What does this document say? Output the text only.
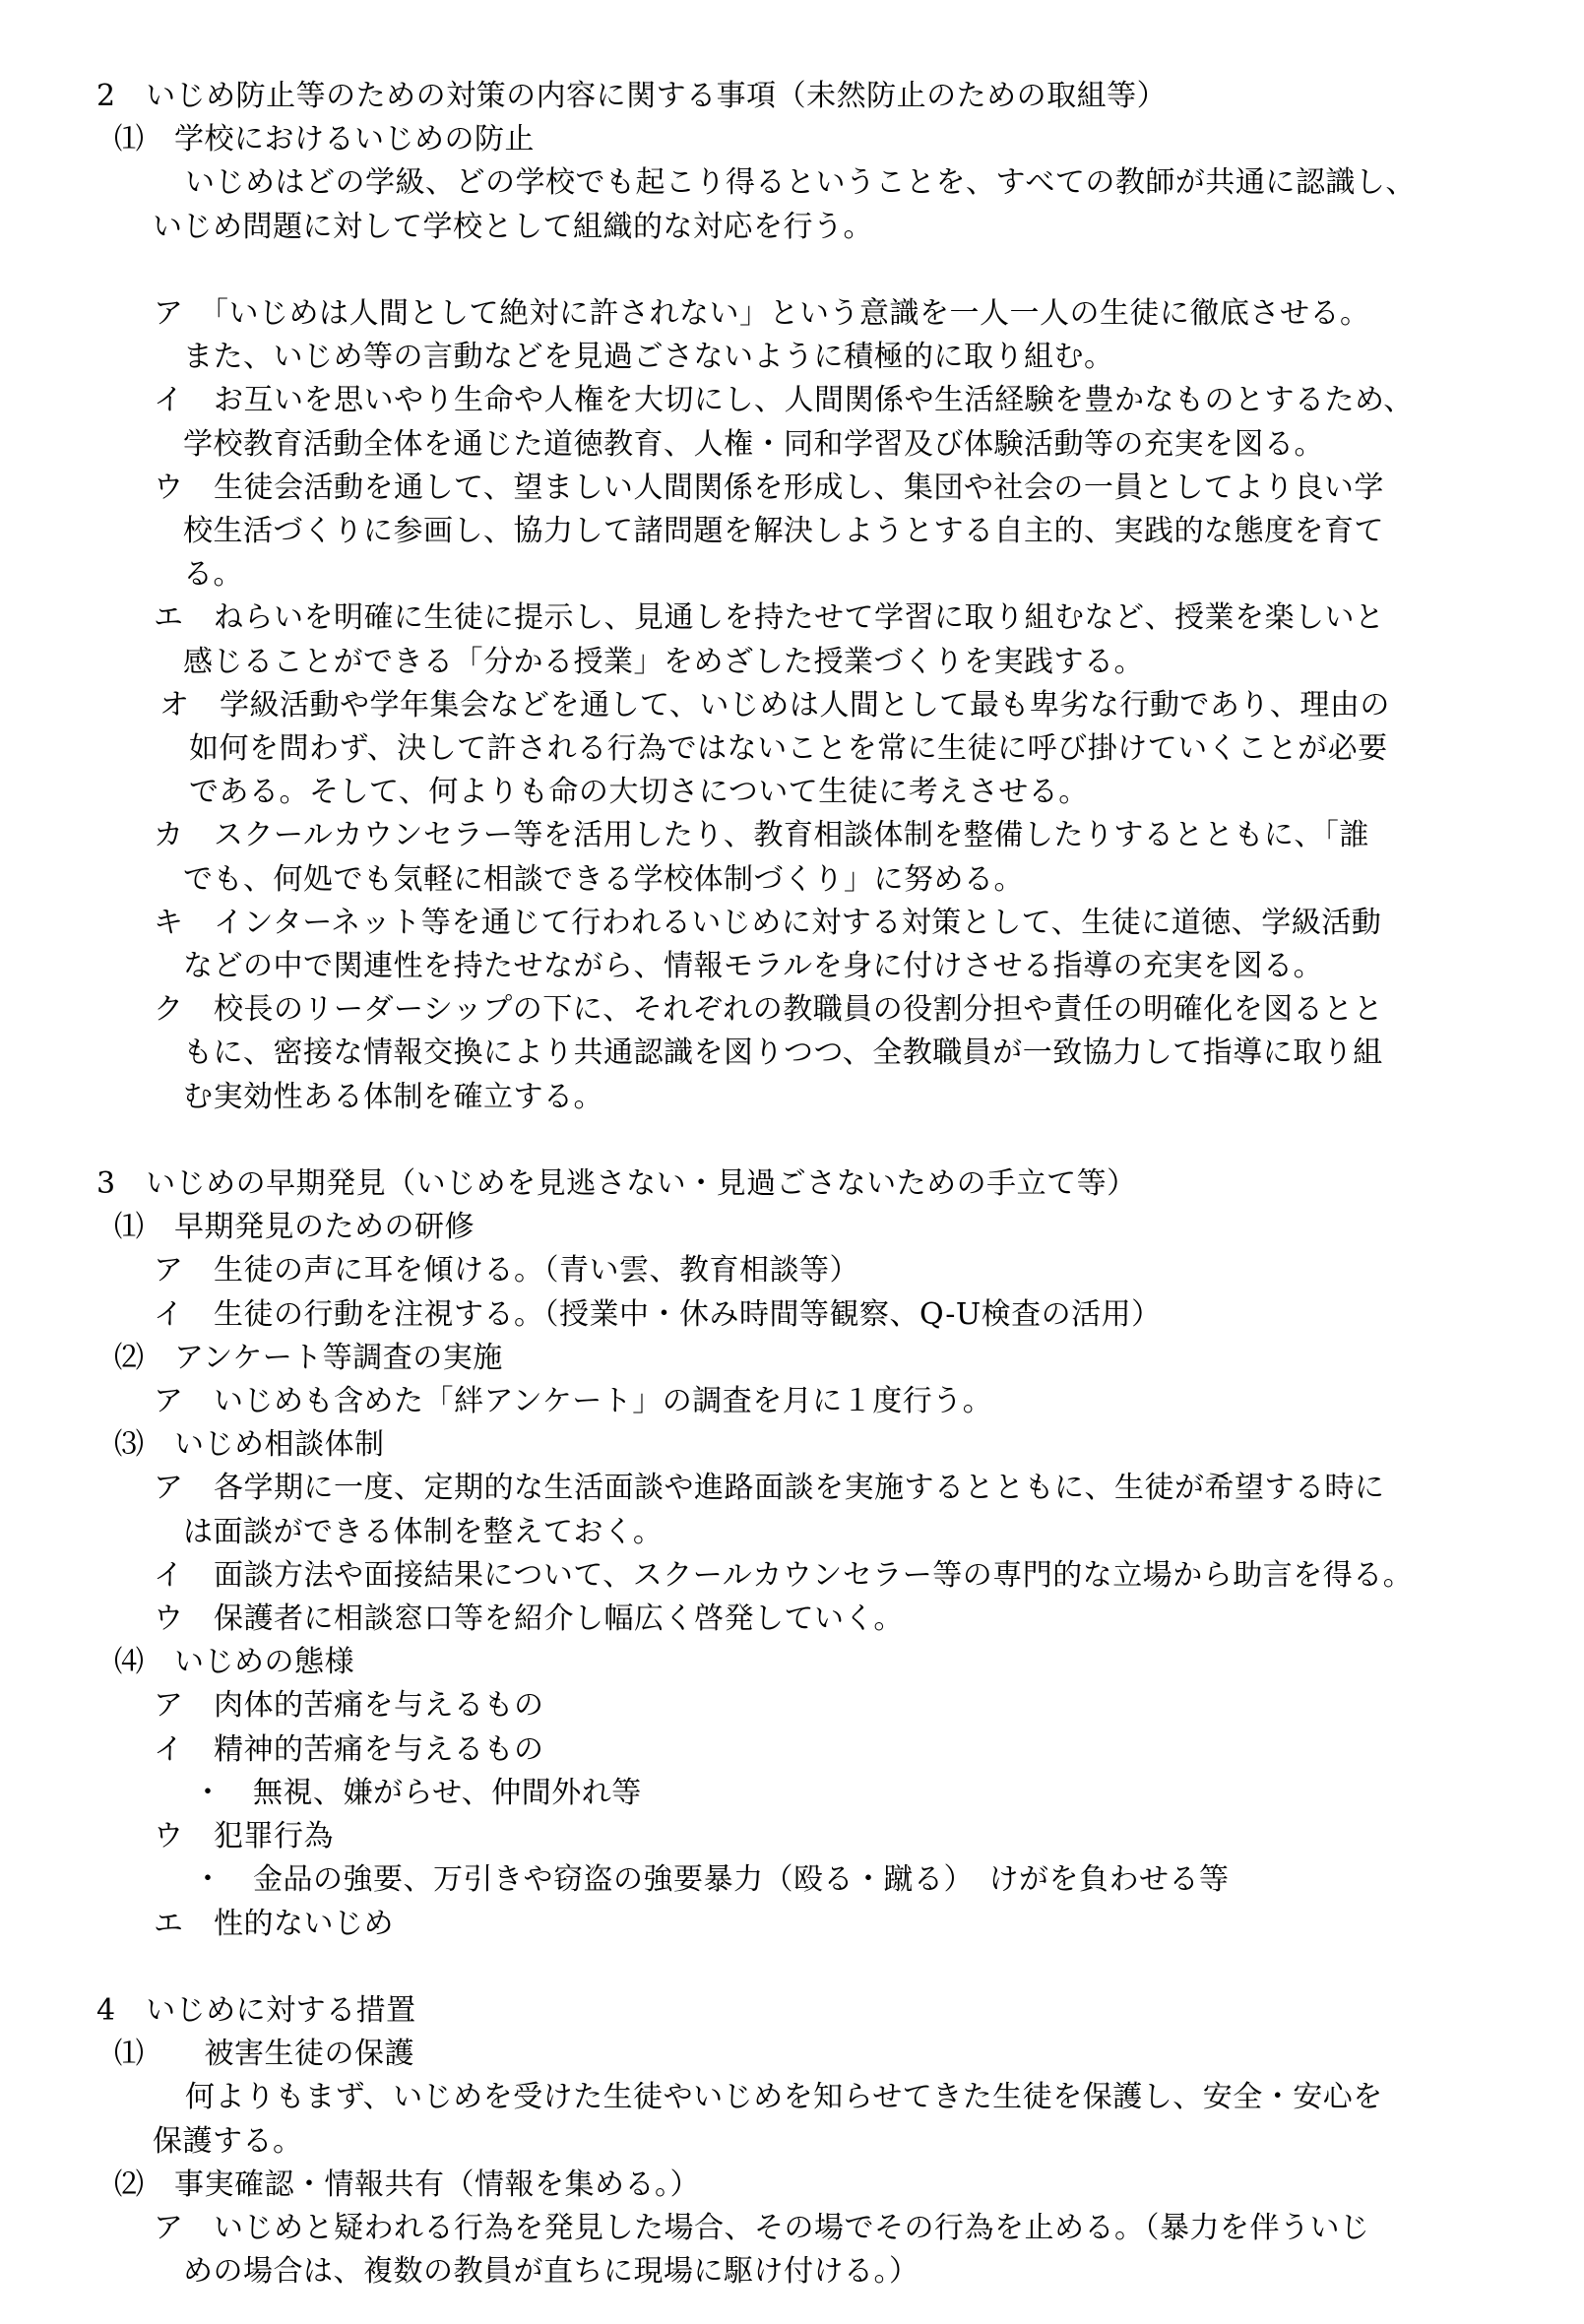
2　いじめ防止等のための対策の内容に関する事項（未然防止のための取組等）
⑴　学校におけるいじめの防止
いじめはどの学級、どの学校でも起こり得るということを、すべての教師が共通に認識し、
いじめ問題に対して学校として組織的な対応を行う。
ア　「いじめは人間として絶対に許されない」という意識を一人一人の生徒に徹底させる。
また、いじめ等の言動などを見過ごさないように積極的に取り組む。
イ　お互いを思いやり生命や人権を大切にし、人間関係や生活経験を豊かなものとするため、
学校教育活動全体を通じた道徳教育、人権・同和学習及び体験活動等の充実を図る。
ウ　生徒会活動を通して、望ましい人間関係を形成し、集団や社会の一員としてより良い学
校生活づくりに参画し、協力して諸問題を解決しようとする自主的、実践的な態度を育て
る。
エ　ねらいを明確に生徒に提示し、見通しを持たせて学習に取り組むなど、授業を楽しいと
感じることができる「分かる授業」をめざした授業づくりを実践する。
オ　学級活動や学年集会などを通して、いじめは人間として最も卑劣な行動であり、理由の
如何を問わず、決して許される行為ではないことを常に生徒に呼び掛けていくことが必要
である。そして、何よりも命の大切さについて生徒に考えさせる。
カ　スクールカウンセラー等を活用したり、教育相談体制を整備したりするとともに、「誰
でも、何処でも気軽に相談できる学校体制づくり」に努める。
キ　インターネット等を通じて行われるいじめに対する対策として、生徒に道徳、学級活動
などの中で関連性を持たせながら、情報モラルを身に付けさせる指導の充実を図る。
ク　校長のリーダーシップの下に、それぞれの教職員の役割分担や責任の明確化を図るとと
もに、密接な情報交換により共通認識を図りつつ、全教職員が一致協力して指導に取り組
む実効性ある体制を確立する。
3　いじめの早期発見（いじめを見逃さない・見過ごさないための手立て等）
⑴　早期発見のための研修
ア　生徒の声に耳を傾ける。（青い雲、教育相談等）
イ　生徒の行動を注視する。（授業中・休み時間等観察、Q-U検査の活用）
⑵　アンケート等調査の実施
ア　いじめも含めた「絆アンケート」の調査を月に１度行う。
⑶　いじめ相談体制
ア　各学期に一度、定期的な生活面談や進路面談を実施するとともに、生徒が希望する時に
は面談ができる体制を整えておく。
イ　面談方法や面接結果について、スクールカウンセラー等の専門的な立場から助言を得る。
ウ　保護者に相談窓口等を紹介し幅広く啓発していく。
⑷　いじめの態様
ア　肉体的苦痛を与えるもの
イ　精神的苦痛を与えるもの
・　無視、嫌がらせ、仲間外れ等
ウ　犯罪行為
・　金品の強要、万引きや窃盗の強要暴力（殴る・蹴る）　けがを負わせる等
エ　性的ないじめ
4　いじめに対する措置
⑴　　被害生徒の保護
何よりもまず、いじめを受けた生徒やいじめを知らせてきた生徒を保護し、安全・安心を
保護する。
⑵　事実確認・情報共有（情報を集める。）
ア　いじめと疑われる行為を発見した場合、その場でその行為を止める。（暴力を伴ういじ
めの場合は、複数の教員が直ちに現場に駆け付ける。）
